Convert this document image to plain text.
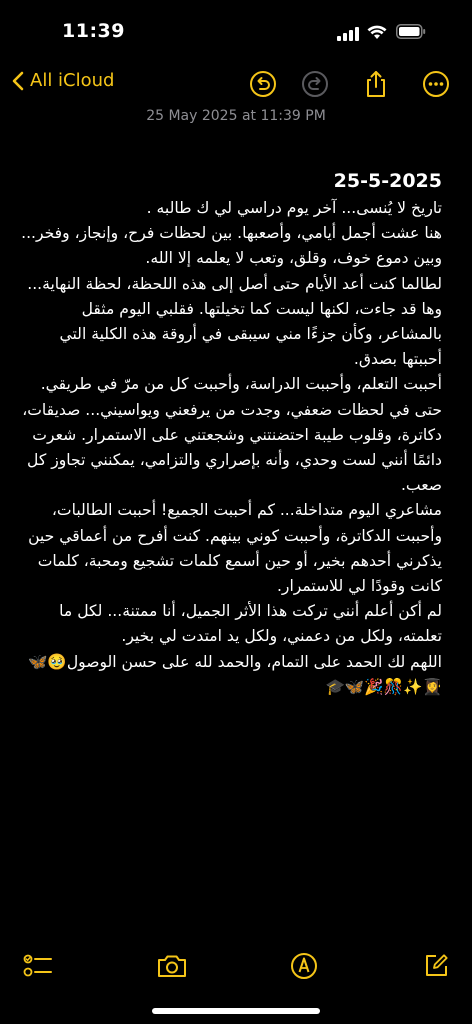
11:39
All iCloud
25 May 2025 at 11:39 PM
25-5-2025
تاريخ لا يُنسى... آخر يوم دراسي لي ك طالبه .
هنا عشت أجمل أيامي، وأصعبها. بين لحظات فرح، وإنجاز، وفخر... وبين دموع خوف، وقلق، وتعب لا يعلمه إلا الله.
لطالما كنت أعد الأيام حتى أصل إلى هذه اللحظة، لحظة النهاية... وها قد جاءت، لكنها ليست كما تخيلتها. فقلبي اليوم مثقل بالمشاعر، وكأن جزءًا مني سيبقى في أروقة هذه الكلية التي أحببتها بصدق.
أحببت التعلم، وأحببت الدراسة، وأحببت كل من مرّ في طريقي. حتى في لحظات ضعفي، وجدت من يرفعني ويواسيني... صديقات، دكاترة، وقلوب طيبة احتضنتني وشجعتني على الاستمرار. شعرت دائمًا أنني لست وحدي، وأنه بإصراري والتزامي، يمكنني تجاوز كل صعب.
مشاعري اليوم متداخلة... كم أحببت الجميع! أحببت الطالبات، وأحببت الدكاترة، وأحببت كوني بينهم. كنت أفرح من أعماقي حين يذكرني أحدهم بخير، أو حين أسمع كلمات تشجيع ومحبة، كلمات كانت وقودًا لي للاستمرار.
لم أكن أعلم أنني تركت هذا الأثر الجميل، أنا ممتنة... لكل ما تعلمته، ولكل من دعمني، ولكل يد امتدت لي بخير.
اللهم لك الحمد على التمام، والحمد لله على حسن الوصول🥹🦋👩‍🎓✨🎊🎉🦋🎓
